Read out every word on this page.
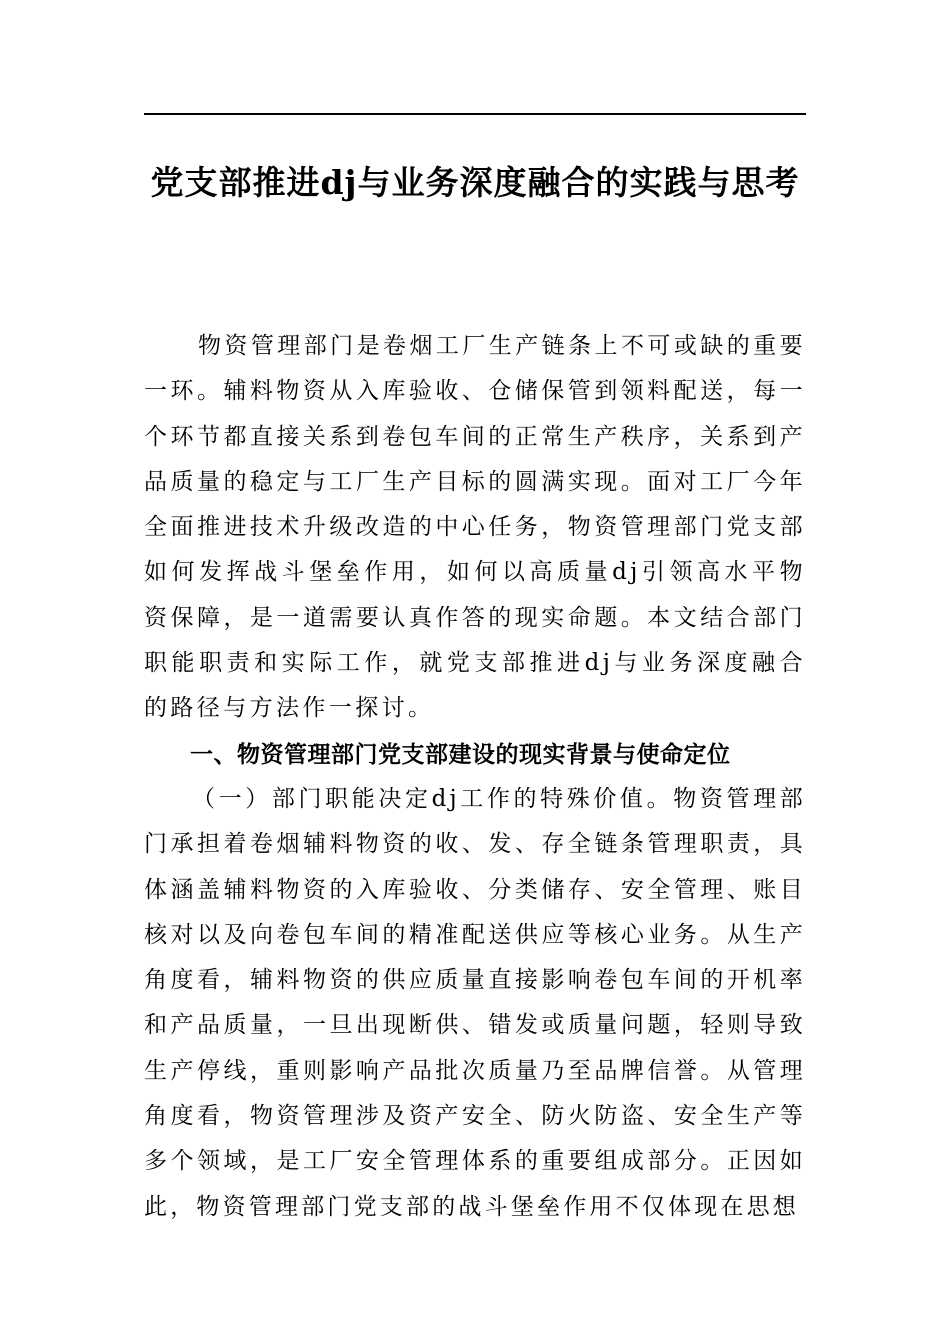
党支部推进dj与业务深度融合的实践与思考

物资管理部门是卷烟工厂生产链条上不可或缺的重要一环。辅料物资从入库验收、仓储保管到领料配送，每一个环节都直接关系到卷包车间的正常生产秩序，关系到产品质量的稳定与工厂生产目标的圆满实现。面对工厂今年全面推进技术升级改造的中心任务，物资管理部门党支部如何发挥战斗堡垒作用，如何以高质量dj引领高水平物资保障，是一道需要认真作答的现实命题。本文结合部门职能职责和实际工作，就党支部推进dj与业务深度融合的路径与方法作一探讨。

一、物资管理部门党支部建设的现实背景与使命定位

（一）部门职能决定dj工作的特殊价值。物资管理部门承担着卷烟辅料物资的收、发、存全链条管理职责，具体涵盖辅料物资的入库验收、分类储存、安全管理、账目核对以及向卷包车间的精准配送供应等核心业务。从生产角度看，辅料物资的供应质量直接影响卷包车间的开机率和产品质量，一旦出现断供、错发或质量问题，轻则导致生产停线，重则影响产品批次质量乃至品牌信誉。从管理角度看，物资管理涉及资产安全、防火防盗、安全生产等多个领域，是工厂安全管理体系的重要组成部分。正因如此，物资管理部门党支部的战斗堡垒作用不仅体现在思想
